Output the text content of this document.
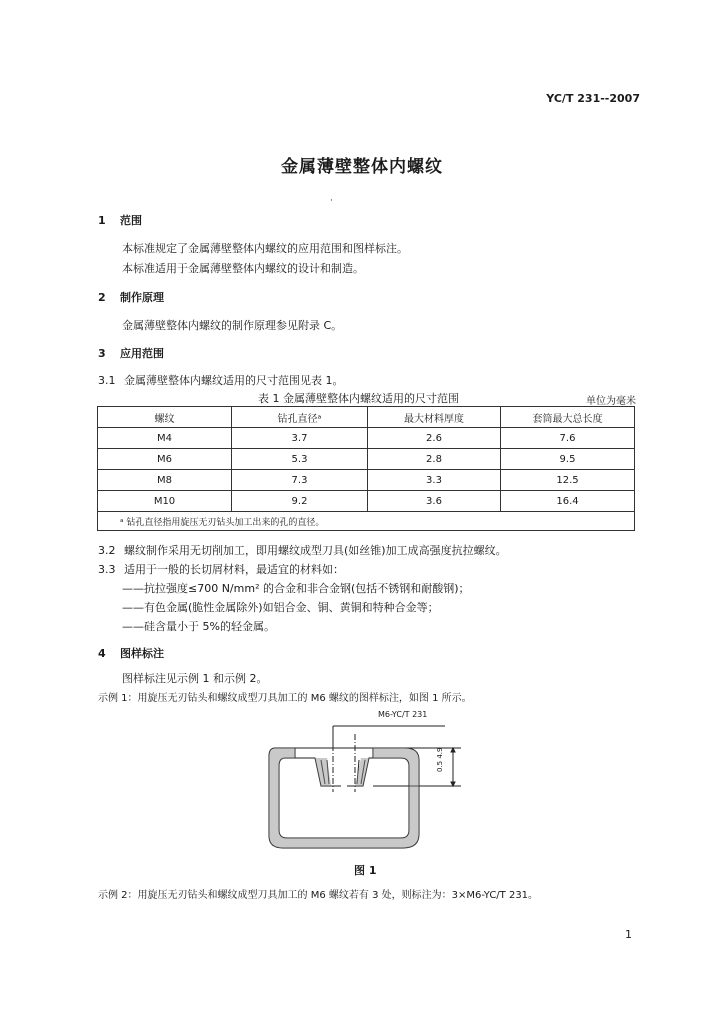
YC/T 231--2007
金属薄壁整体内螺纹
·
1 范围
本标准规定了金属薄壁整体内螺纹的应用范围和图样标注。
本标准适用于金属薄壁整体内螺纹的设计和制造。
2 制作原理
金属薄壁整体内螺纹的制作原理参见附录 C。
3 应用范围
3.1 金属薄壁整体内螺纹适用的尺寸范围见表 1。
表 1 金属薄壁整体内螺纹适用的尺寸范围	单位为毫米
螺纹	钻孔直径ᵃ	最大材料厚度	套筒最大总长度
M4	3.7	2.6	7.6
M6	5.3	2.8	9.5
M8	7.3	3.3	12.5
M10	9.2	3.6	16.4
ᵃ 钻孔直径指用旋压无刃钻头加工出来的孔的直径。			
3.2 螺纹制作采用无切削加工，即用螺纹成型刀具(如丝锥)加工成高强度抗拉螺纹。
3.3 适用于一般的长切屑材料，最适宜的材料如：
——抗拉强度≤700 N/mm² 的合金和非合金钢(包括不锈钢和耐酸钢)；
——有色金属(脆性金属除外)如铝合金、铜、黄铜和特种合金等；
——硅含量小于 5%的轻金属。
4 图样标注
图样标注见示例 1 和示例 2。
示例 1：用旋压无刃钻头和螺纹成型刀具加工的 M6 螺纹的图样标注，如图 1 所示。
M6-YC/T 231
0.5 4.9
图 1
示例 2：用旋压无刃钻头和螺纹成型刀具加工的 M6 螺纹若有 3 处，则标注为：3×M6-YC/T 231。
1
